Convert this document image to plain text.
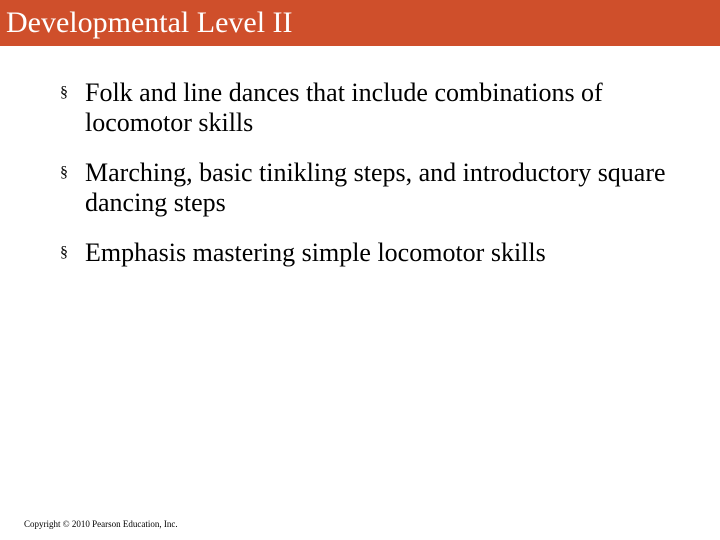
Developmental Level II
§ Folk and line dances that include combinations of locomotor skills
§ Marching, basic tinikling steps, and introductory square dancing steps
§ Emphasis mastering simple locomotor skills
Copyright © 2010 Pearson Education, Inc.
